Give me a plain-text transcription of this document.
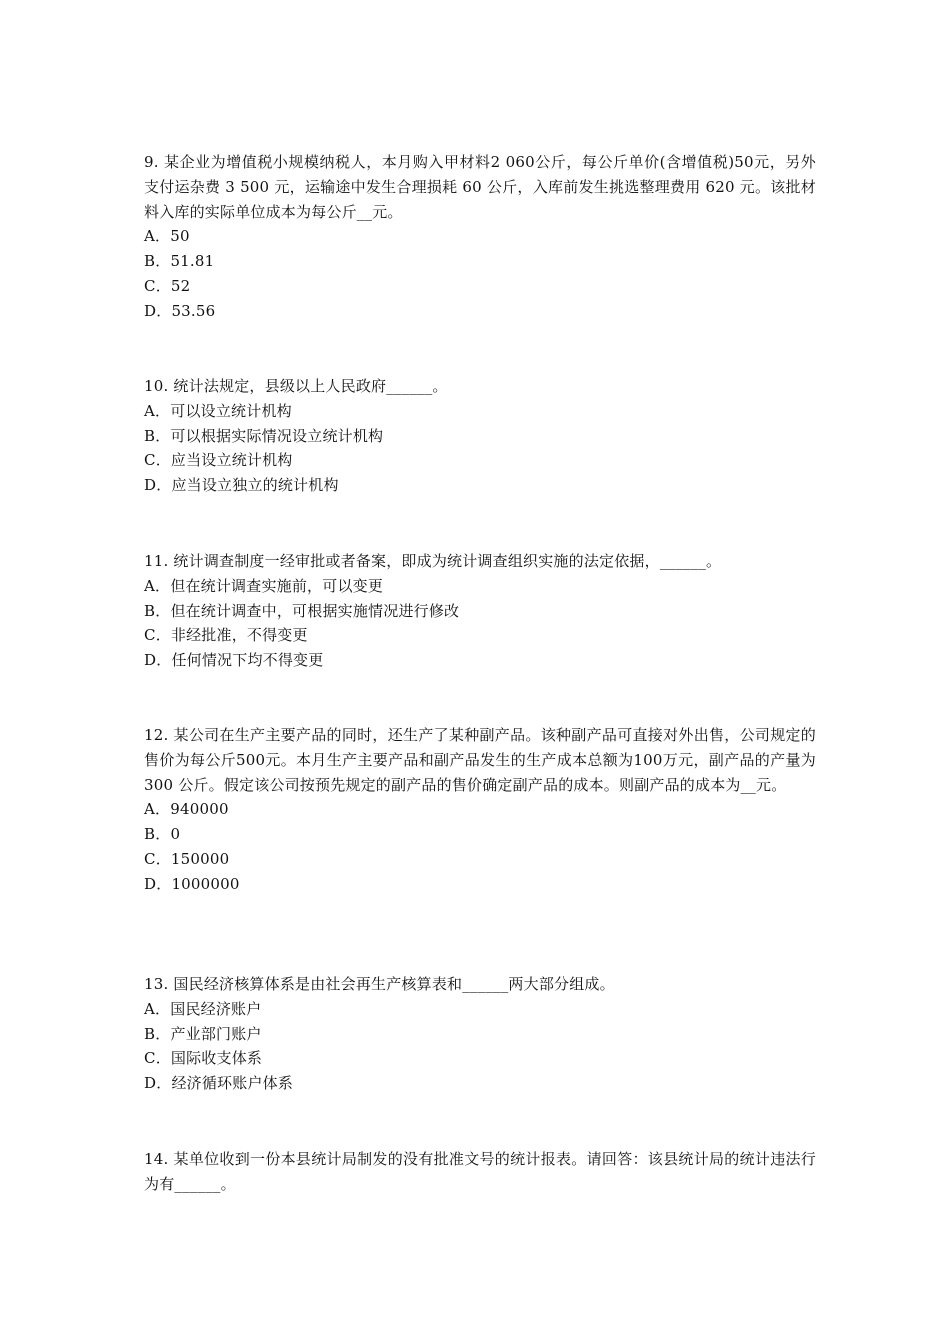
9. 某企业为增值税小规模纳税人，本月购入甲材料2 060公斤，每公斤单价(含增值税)50元，另外支付运杂费 3 500 元，运输途中发生合理损耗 60 公斤，入库前发生挑选整理费用 620 元。该批材料入库的实际单位成本为每公斤__元。

A．50
B．51.81
C．52
D．53.56

10. 统计法规定，县级以上人民政府______。

A．可以设立统计机构
B．可以根据实际情况设立统计机构
C．应当设立统计机构
D．应当设立独立的统计机构

11. 统计调查制度一经审批或者备案，即成为统计调查组织实施的法定依据，______。

A．但在统计调查实施前，可以变更
B．但在统计调查中，可根据实施情况进行修改
C．非经批准，不得变更
D．任何情况下均不得变更

12. 某公司在生产主要产品的同时，还生产了某种副产品。该种副产品可直接对外出售，公司规定的售价为每公斤500元。本月生产主要产品和副产品发生的生产成本总额为100万元，副产品的产量为 300 公斤。假定该公司按预先规定的副产品的售价确定副产品的成本。则副产品的成本为__元。

A．940000
B．0
C．150000
D．1000000

13. 国民经济核算体系是由社会再生产核算表和______两大部分组成。

A．国民经济账户
B．产业部门账户
C．国际收支体系
D．经济循环账户体系

14. 某单位收到一份本县统计局制发的没有批准文号的统计报表。请回答：该县统计局的统计违法行为有______。
